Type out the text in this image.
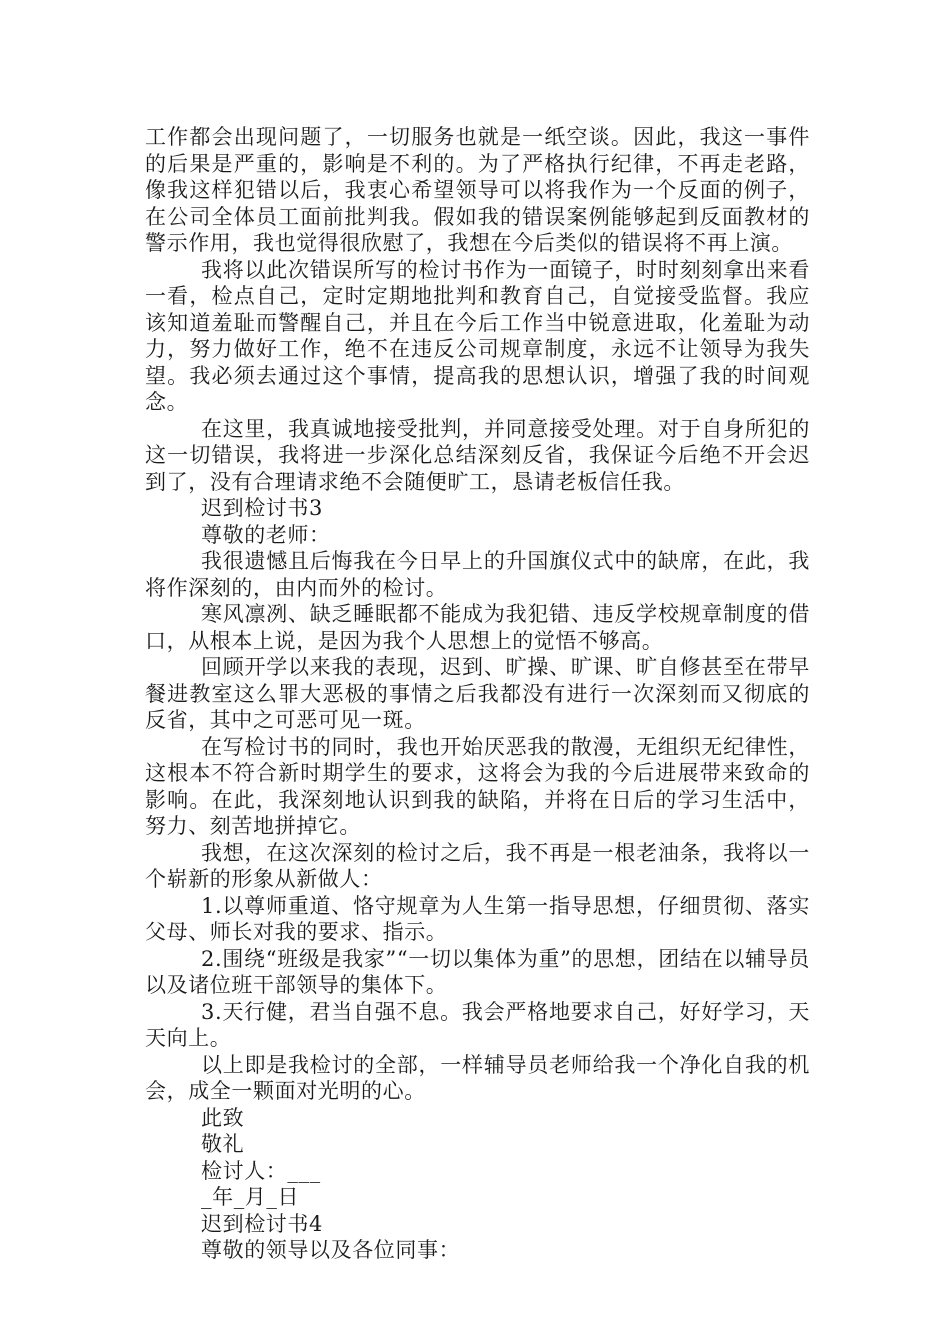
工作都会出现问题了，一切服务也就是一纸空谈。因此，我这一事件的后果是严重的，影响是不利的。为了严格执行纪律，不再走老路，像我这样犯错以后，我衷心希望领导可以将我作为一个反面的例子，在公司全体员工面前批判我。假如我的错误案例能够起到反面教材的警示作用，我也觉得很欣慰了，我想在今后类似的错误将不再上演。

我将以此次错误所写的检讨书作为一面镜子，时时刻刻拿出来看一看，检点自己，定时定期地批判和教育自己，自觉接受监督。我应该知道羞耻而警醒自己，并且在今后工作当中锐意进取，化羞耻为动力，努力做好工作，绝不在违反公司规章制度，永远不让领导为我失望。我必须去通过这个事情，提高我的思想认识，增强了我的时间观念。

在这里，我真诚地接受批判，并同意接受处理。对于自身所犯的这一切错误，我将进一步深化总结深刻反省，我保证今后绝不开会迟到了，没有合理请求绝不会随便旷工，恳请老板信任我。

迟到检讨书3

尊敬的老师：

我很遗憾且后悔我在今日早上的升国旗仪式中的缺席，在此，我将作深刻的，由内而外的检讨。

寒风凛冽、缺乏睡眠都不能成为我犯错、违反学校规章制度的借口，从根本上说，是因为我个人思想上的觉悟不够高。

回顾开学以来我的表现，迟到、旷操、旷课、旷自修甚至在带早餐进教室这么罪大恶极的事情之后我都没有进行一次深刻而又彻底的反省，其中之可恶可见一斑。

在写检讨书的同时，我也开始厌恶我的散漫，无组织无纪律性，这根本不符合新时期学生的要求，这将会为我的今后进展带来致命的影响。在此，我深刻地认识到我的缺陷，并将在日后的学习生活中，努力、刻苦地拼掉它。

我想，在这次深刻的检讨之后，我不再是一根老油条，我将以一个崭新的形象从新做人：

1.以尊师重道、恪守规章为人生第一指导思想，仔细贯彻、落实父母、师长对我的要求、指示。

2.围绕“班级是我家”“一切以集体为重”的思想，团结在以辅导员以及诸位班干部领导的集体下。

3.天行健，君当自强不息。我会严格地要求自己，好好学习，天天向上。

以上即是我检讨的全部，一样辅导员老师给我一个净化自我的机会，成全一颗面对光明的心。

此致

敬礼

检讨人：___

_年_月_日

迟到检讨书4

尊敬的领导以及各位同事：
